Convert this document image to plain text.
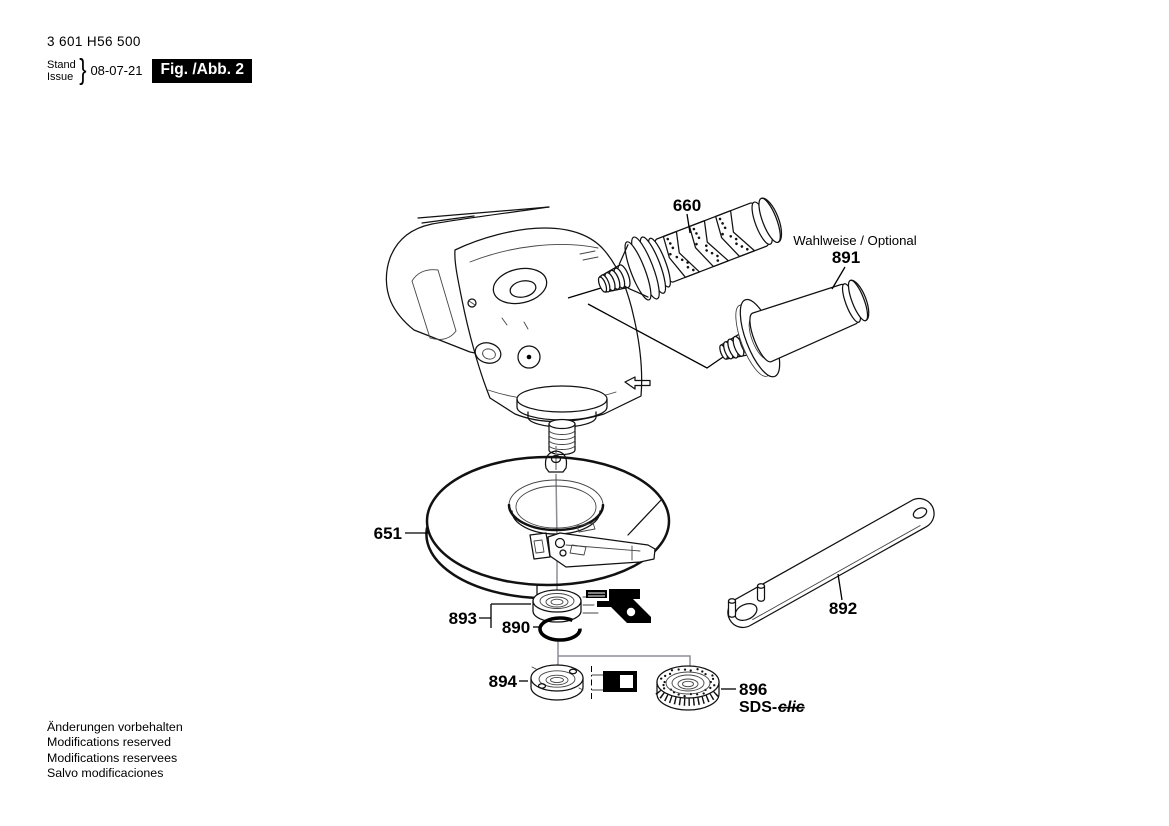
3 601 H56 500
Stand
Issue } 08-07-21	Fig. /Abb. 2
660
Wahlweise / Optional
891
651
893 890
894
892
896
SDS- clic
Änderungen vorbehalten
Modifications reserved
Modifications reservees
Salvo modificaciones
